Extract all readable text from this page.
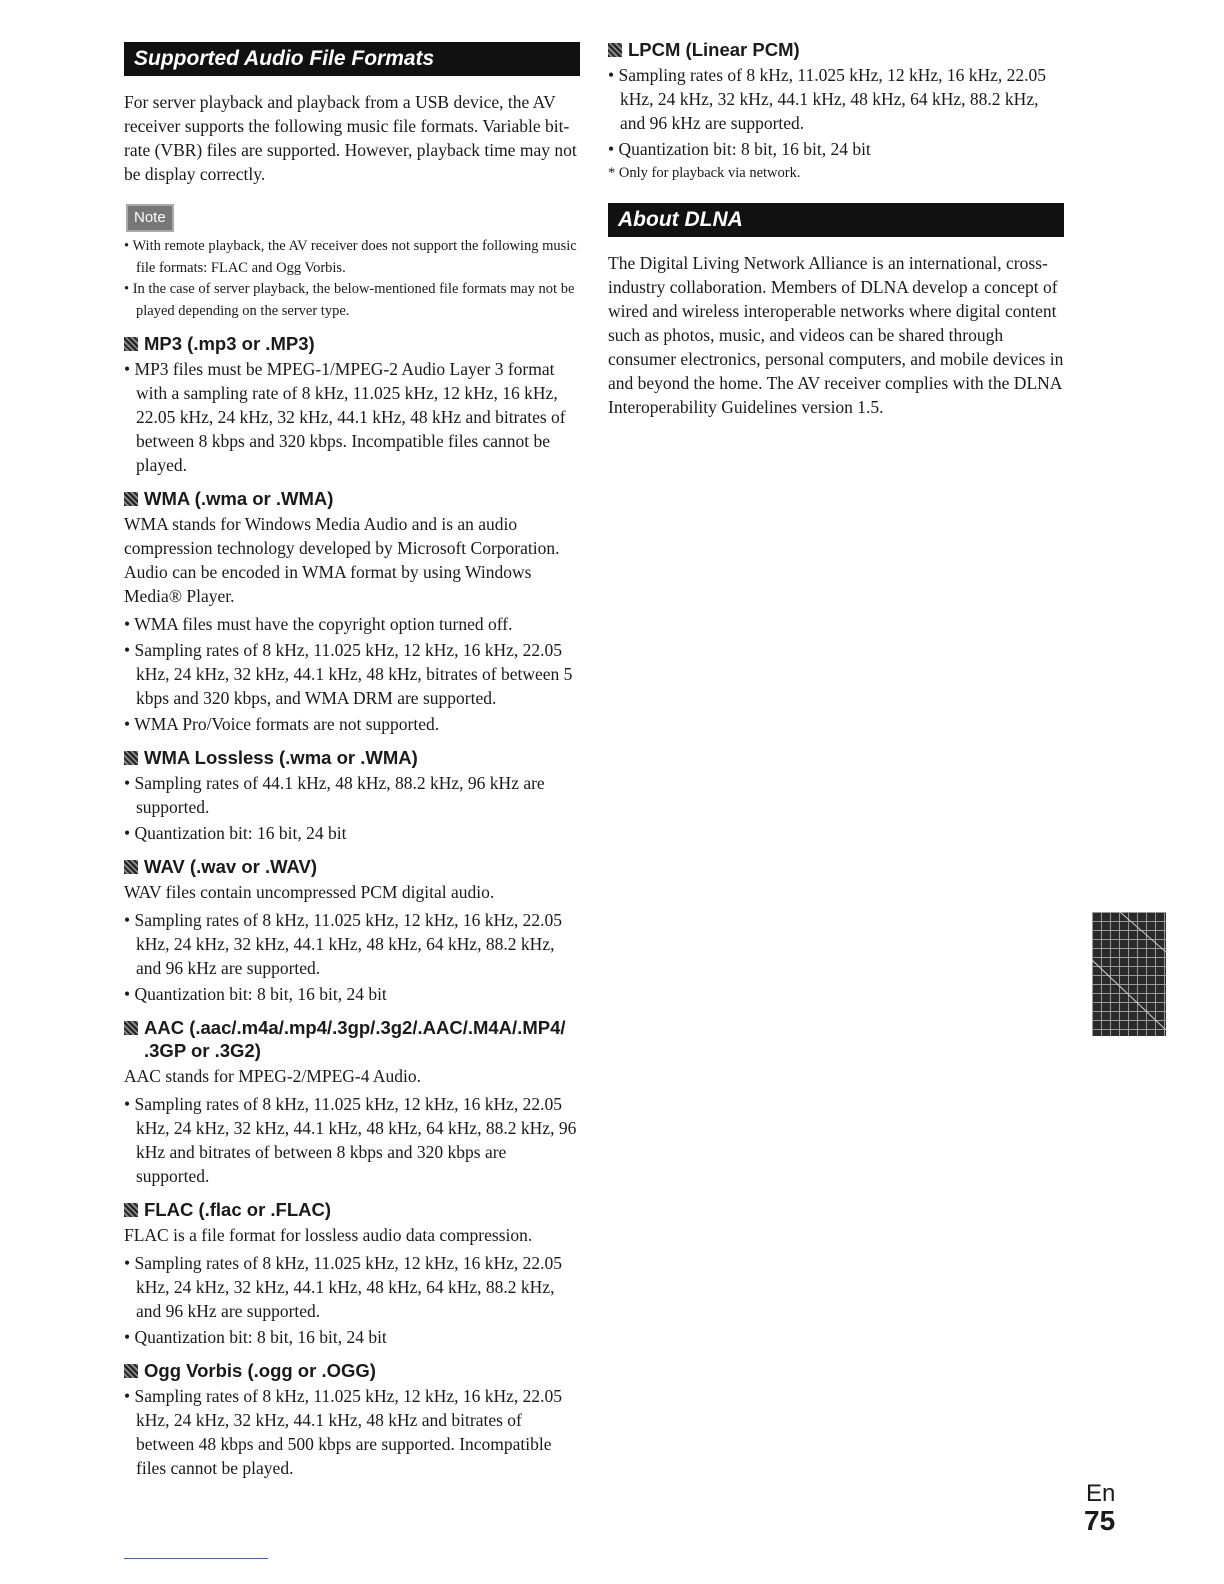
Supported Audio File Formats

For server playback and playback from a USB device, the AV receiver supports the following music file formats. Variable bit-rate (VBR) files are supported. However, playback time may not be display correctly.

Note
• With remote playback, the AV receiver does not support the following music file formats: FLAC and Ogg Vorbis.
• In the case of server playback, the below-mentioned file formats may not be played depending on the server type.
MP3 (.mp3 or .MP3)
• MP3 files must be MPEG-1/MPEG-2 Audio Layer 3 format with a sampling rate of 8 kHz, 11.025 kHz, 12 kHz, 16 kHz, 22.05 kHz, 24 kHz, 32 kHz, 44.1 kHz, 48 kHz and bitrates of between 8 kbps and 320 kbps. Incompatible files cannot be played.
WMA (.wma or .WMA)

WMA stands for Windows Media Audio and is an audio compression technology developed by Microsoft Corporation. Audio can be encoded in WMA format by using Windows Media® Player.

• WMA files must have the copyright option turned off.
• Sampling rates of 8 kHz, 11.025 kHz, 12 kHz, 16 kHz, 22.05 kHz, 24 kHz, 32 kHz, 44.1 kHz, 48 kHz, bitrates of between 5 kbps and 320 kbps, and WMA DRM are supported.
• WMA Pro/Voice formats are not supported.
WMA Lossless (.wma or .WMA)
• Sampling rates of 44.1 kHz, 48 kHz, 88.2 kHz, 96 kHz are supported.
• Quantization bit: 16 bit, 24 bit
WAV (.wav or .WAV)

WAV files contain uncompressed PCM digital audio.

• Sampling rates of 8 kHz, 11.025 kHz, 12 kHz, 16 kHz, 22.05 kHz, 24 kHz, 32 kHz, 44.1 kHz, 48 kHz, 64 kHz, 88.2 kHz, and 96 kHz are supported.
• Quantization bit: 8 bit, 16 bit, 24 bit
AAC (.aac/.m4a/.mp4/.3gp/.3g2/.AAC/.M4A/.MP4/ .3GP or .3G2)

AAC stands for MPEG-2/MPEG-4 Audio.

• Sampling rates of 8 kHz, 11.025 kHz, 12 kHz, 16 kHz, 22.05 kHz, 24 kHz, 32 kHz, 44.1 kHz, 48 kHz, 64 kHz, 88.2 kHz, 96 kHz and bitrates of between 8 kbps and 320 kbps are supported.
FLAC (.flac or .FLAC)

FLAC is a file format for lossless audio data compression.

• Sampling rates of 8 kHz, 11.025 kHz, 12 kHz, 16 kHz, 22.05 kHz, 24 kHz, 32 kHz, 44.1 kHz, 48 kHz, 64 kHz, 88.2 kHz, and 96 kHz are supported.
• Quantization bit: 8 bit, 16 bit, 24 bit
Ogg Vorbis (.ogg or .OGG)
• Sampling rates of 8 kHz, 11.025 kHz, 12 kHz, 16 kHz, 22.05 kHz, 24 kHz, 32 kHz, 44.1 kHz, 48 kHz and bitrates of between 48 kbps and 500 kbps are supported. Incompatible files cannot be played.
LPCM (Linear PCM)
• Sampling rates of 8 kHz, 11.025 kHz, 12 kHz, 16 kHz, 22.05 kHz, 24 kHz, 32 kHz, 44.1 kHz, 48 kHz, 64 kHz, 88.2 kHz, and 96 kHz are supported.
• Quantization bit: 8 bit, 16 bit, 24 bit
* Only for playback via network.
About DLNA

The Digital Living Network Alliance is an international, cross-industry collaboration. Members of DLNA develop a concept of wired and wireless interoperable networks where digital content such as photos, music, and videos can be shared through consumer electronics, personal computers, and mobile devices in and beyond the home. The AV receiver complies with the DLNA Interoperability Guidelines version 1.5.

En
75
